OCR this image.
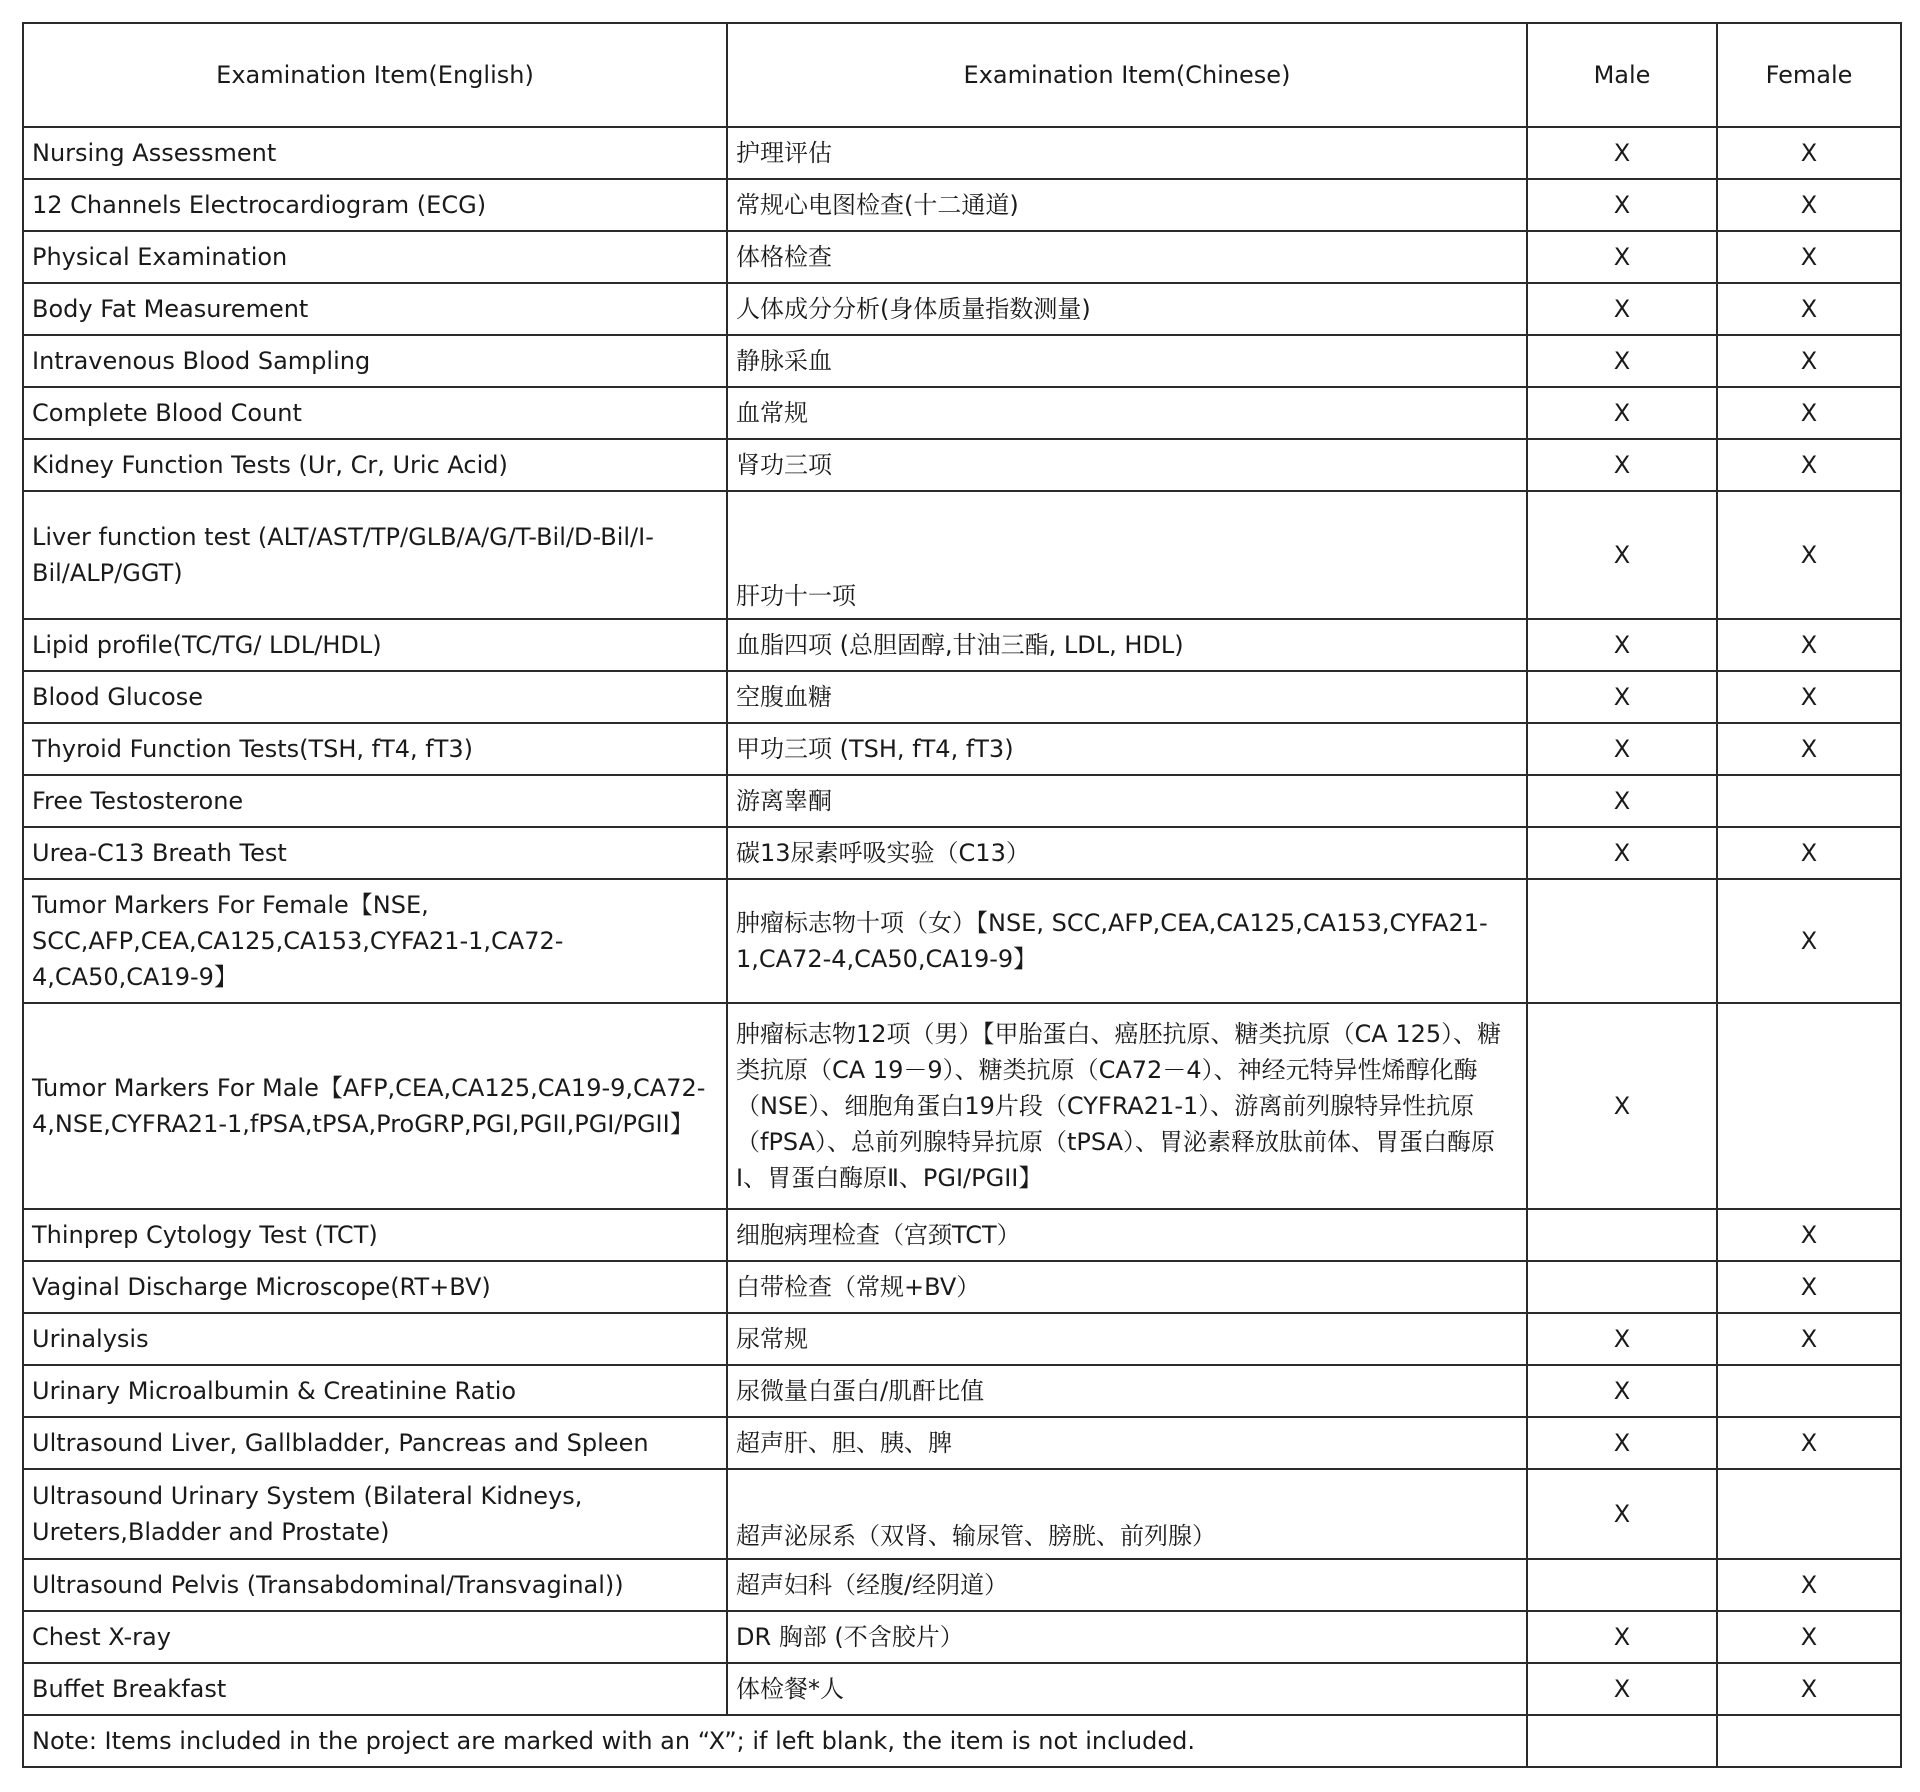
Examination Item(English)	Examination Item(Chinese)	Male	Female
Nursing Assessment	护理评估	X	X
12 Channels Electrocardiogram (ECG)	常规心电图检查(十二通道)	X	X
Physical Examination	体格检查	X	X
Body Fat Measurement	人体成分分析(身体质量指数测量)	X	X
Intravenous Blood Sampling	静脉采血	X	X
Complete Blood Count	血常规	X	X
Kidney Function Tests (Ur, Cr, Uric Acid)	肾功三项	X	X
Liver function test (ALT/AST/TP/GLB/A/G/T-Bil/D-Bil/I-Bil/ALP/GGT)	肝功十一项	X	X
Lipid profile(TC/TG/ LDL/HDL)	血脂四项 (总胆固醇,甘油三酯, LDL, HDL)	X	X
Blood Glucose	空腹血糖	X	X
Thyroid Function Tests(TSH, fT4, fT3)	甲功三项 (TSH, fT4, fT3)	X	X
Free Testosterone	游离睾酮	X	
Urea-C13 Breath Test	碳13尿素呼吸实验（C13）	X	X
Tumor Markers For Female【NSE, SCC,AFP,CEA,CA125,CA153,CYFA21-1,CA72-4,CA50,CA19-9】	肿瘤标志物十项（女）【NSE, SCC,AFP,CEA,CA125,CA153,CYFA21-1,CA72-4,CA50,CA19-9】		X
Tumor Markers For Male【AFP,CEA,CA125,CA19-9,CA72-4,NSE,CYFRA21-1,fPSA,tPSA,ProGRP,PGI,PGII,PGI/PGII】	肿瘤标志物12项（男）【甲胎蛋白、癌胚抗原、糖类抗原（CA 125）、糖类抗原（CA 19－9）、糖类抗原（CA72－4）、神经元特异性烯醇化酶（NSE）、细胞角蛋白19片段（CYFRA21-1）、游离前列腺特异性抗原（fPSA）、总前列腺特异抗原（tPSA）、胃泌素释放肽前体、胃蛋白酶原Ⅰ、胃蛋白酶原Ⅱ、PGI/PGII】	X	
Thinprep Cytology Test (TCT)	细胞病理检查（宫颈TCT）		X
Vaginal Discharge Microscope(RT+BV)	白带检查（常规+BV）		X
Urinalysis	尿常规	X	X
Urinary Microalbumin & Creatinine Ratio	尿微量白蛋白/肌酐比值	X	
Ultrasound Liver, Gallbladder, Pancreas and Spleen	超声肝、胆、胰、脾	X	X
Ultrasound Urinary System (Bilateral Kidneys, Ureters,Bladder and Prostate)	超声泌尿系（双肾、输尿管、膀胱、前列腺）	X	
Ultrasound Pelvis (Transabdominal/Transvaginal))	超声妇科（经腹/经阴道）		X
Chest X-ray	DR 胸部 (不含胶片）	X	X
Buffet Breakfast	体检餐*人	X	X
Note: Items included in the project are marked with an “X”; if left blank, the item is not included.			
